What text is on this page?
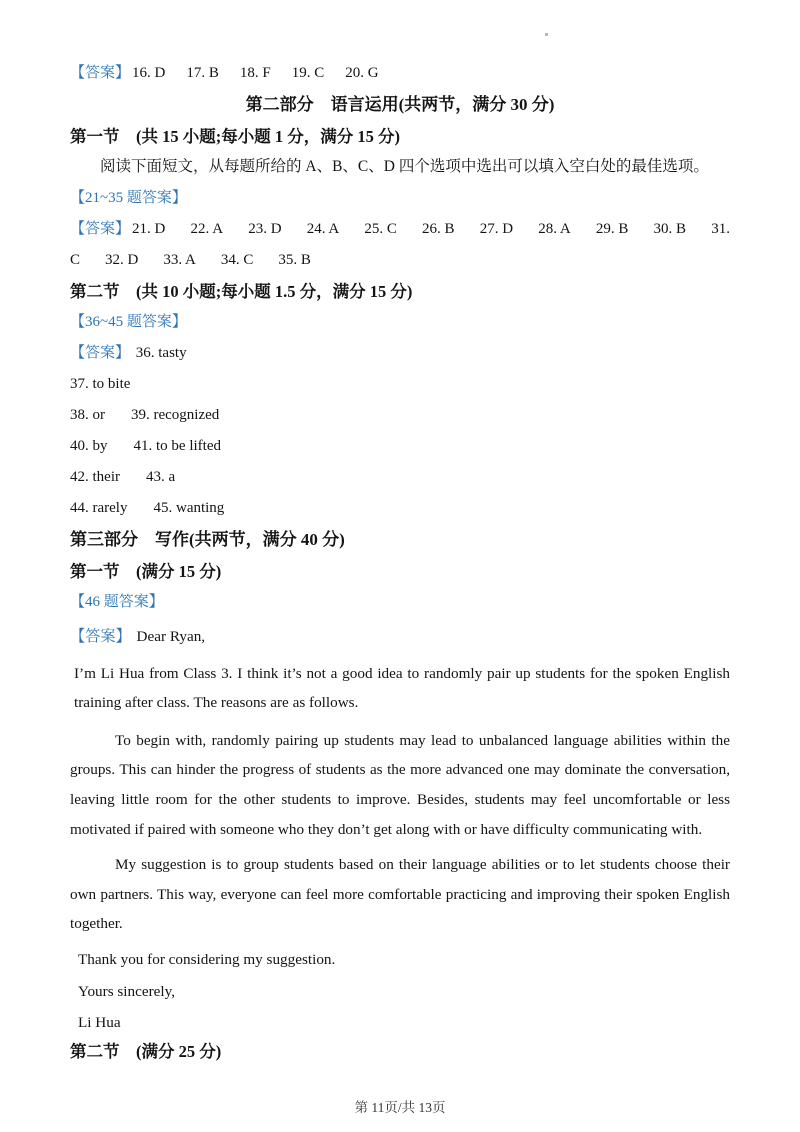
【答案】 16. D 17. B 18. F 19. C 20. G
第二部分　语言运用(共两节，满分 30 分)
第一节　(共 15 小题;每小题 1 分，满分 15 分)
阅读下面短文，从每题所给的 A、B、C、D 四个选项中选出可以填入空白处的最佳选项。
【21~35 题答案】
【答案】 21. D 22. A 23. D 24. A 25. C 26. B 27. D 28. A 29. B 30. B 31.
C 32. D 33. A 34. C 35. B
第二节　(共 10 小题;每小题 1.5 分，满分 15 分)
【36~45 题答案】
【答案】 36. tasty
37. to bite
38. or 39. recognized
40. by 41. to be lifted
42. their 43. a
44. rarely 45. wanting
第三部分　写作(共两节，满分 40 分)
第一节　(满分 15 分)
【46 题答案】

【答案】 Dear Ryan,

I’m Li Hua from Class 3. I think it’s not a good idea to randomly pair up students for the spoken English training after class. The reasons are as follows.

To begin with, randomly pairing up students may lead to unbalanced language abilities within the groups. This can hinder the progress of students as the more advanced one may dominate the conversation, leaving little room for the other students to improve. Besides, students may feel uncomfortable or less motivated if paired with someone who they don’t get along with or have difficulty communicating with.

My suggestion is to group students based on their language abilities or to let students choose their own partners. This way, everyone can feel more comfortable practicing and improving their spoken English together.

Thank you for considering my suggestion.

Yours sincerely,

Li Hua

第二节　(满分 25 分)
第 11页/共 13页
